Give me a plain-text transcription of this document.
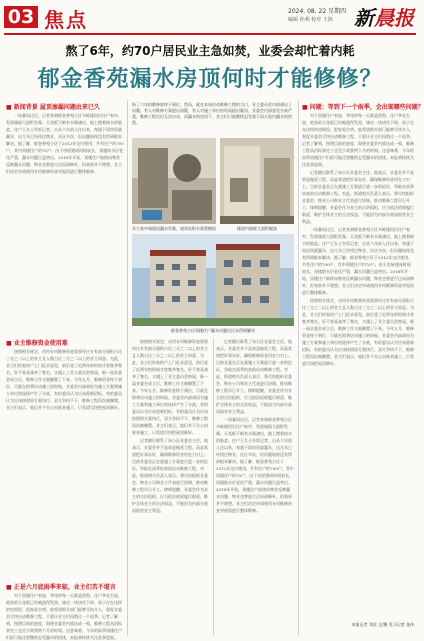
03 焦点	2024. 08. 22 星期四
编辑 孙利 校对 王海 新晨报
熬了6年，约70户居民业主急如焚，业委会却忙着内耗
郁金香苑漏水房顶何时才能修修？
盼了六年的维修款终于到位，然而，就在本该启动维修工程的当口，业主委员会内部却出了问题，有人对维修方案提出质疑，有人对施工单位的资质提出疑问，业委会内部意见分歧严重，维修工程迟迟无法启动，而漏水的房顶下，业主们只能继续忍受着下雨天屋内漏水的煎熬。
■ 新闻背景 屋顶渗漏问题由来已久

一场暴雨过后，记者来到郁金香苑小区多栋楼顶层住户家中，发现墙面大面积发霉，天花板不断有水珠渗出，地上摆着接水的脸盆。住户王女士告诉记者，自从六年前入住以来，每逢下雨房顶就漏水，这几年已经找过物业、社区多次，但问题始终没有得到根本解决。据了解，郁金香苑小区于2012年交付使用，共有住户约700户，其中顶楼住户约70户。由于房屋建成时间较长，顶楼防水层老化严重，漏水问题日益突出。2018年开始，顶楼住户陆续向物业反映漏水问题，物业也曾进行过局部修补，但效果并不理想。业主们决定申请使用专项维修资金对屋顶进行整体维修。

■ 业主维修资金使用难

按照相关规定，动用专项维修资金需要经过专有部分面积占比三分之二以上的业主且人数占比三分之二以上的业主同意。为此，业主们挨家挨户上门征求意见，前后花了近两年的时间才收集齐签名。好不容易凑齐了签名，又遇上了业主委员会换届，新一届业委会成立后，维修工作又被搁置了下来。今年五月，维修资金终于到位，可就在即将启动施工的时候，业委会内部却因为施工方案和施工单位的选择产生了分歧，有的委员认为应该重新招标，有的委员认为应该按照原方案执行，双方争执不下，维修工程再次被搁置。业主们表示，他们并不关心由谁来施工，只希望尽快把屋顶修好。

■ 正是六月底雨季来临，业主们苦不堪言

对于顶楼住户来说，等待的每一天都是煎熬。住户李先生说，他家的天花板已经被泡得发黑，墙皮一块块往下掉，孩子住在这样的房间里，很容易生病。他希望相关部门能够尽快介入，督促业委会尽快启动维修工程，不要让业主们再熬过一个雨季。记者了解到，按照目前的进度，即便业委会内部达成一致，维修工程从招标到完工也至少需要两个月的时间。这意味着，今年的雨季顶楼住户们很可能还要继续忍受漏水的困扰。本报将持续关注此事进展。

业主家中墙面因漏水发霉，墙角处积水需要擦拭	楼道内墙壁大面积脱落
郁金香苑小区顶楼住户漏水问题迟迟未得到解决

按照相关规定，动用专项维修资金需要经过专有部分面积占比三分之二以上的业主且人数占比三分之二以上的业主同意。为此，业主们挨家挨户上门征求意见，前后花了近两年的时间才收集齐签名。好不容易凑齐了签名，又遇上了业主委员会换届，新一届业委会成立后，维修工作又被搁置了下来。今年五月，维修资金终于到位，可就在即将启动施工的时候，业委会内部却因为施工方案和施工单位的选择产生了分歧，有的委员认为应该重新招标，有的委员认为应该按照原方案执行，双方争执不下，维修工程再次被搁置。业主们表示，他们并不关心由谁来施工，只希望尽快把屋顶修好。

记者随后联系了该小区业委会主任。他表示，业委会并不是故意拖延工程，而是希望把好事办好，确保维修资金用在刀刃上。目前业委会正在就施工方案进行进一步的论证，争取在雨季结束前启动维修工程。对此，街道相关负责人表示，将尽快组织业委会、物业公司和业主代表进行协调，推动维修工程早日开工。律师提醒，业委会作为业主的自治组织，应当依法依规履行职责，维护全体业主的合法权益，不能因为内部分歧而损害业主利益。

记者随后联系了该小区业委会主任。他表示，业委会并不是故意拖延工程，而是希望把好事办好，确保维修资金用在刀刃上。目前业委会正在就施工方案进行进一步的论证，争取在雨季结束前启动维修工程。对此，街道相关负责人表示，将尽快组织业委会、物业公司和业主代表进行协调，推动维修工程早日开工。律师提醒，业委会作为业主的自治组织，应当依法依规履行职责，维护全体业主的合法权益，不能因为内部分歧而损害业主利益。

一场暴雨过后，记者来到郁金香苑小区多栋楼顶层住户家中，发现墙面大面积发霉，天花板不断有水珠渗出，地上摆着接水的脸盆。住户王女士告诉记者，自从六年前入住以来，每逢下雨房顶就漏水，这几年已经找过物业、社区多次，但问题始终没有得到根本解决。据了解，郁金香苑小区于2012年交付使用，共有住户约700户，其中顶楼住户约70户。由于房屋建成时间较长，顶楼防水层老化严重，漏水问题日益突出。2018年开始，顶楼住户陆续向物业反映漏水问题，物业也曾进行过局部修补，但效果并不理想。业主们决定申请使用专项维修资金对屋顶进行整体维修。

■ 问题：等到下一个雨季，会出现哪些问题？

对于顶楼住户来说，等待的每一天都是煎熬。住户李先生说，他家的天花板已经被泡得发黑，墙皮一块块往下掉，孩子住在这样的房间里，很容易生病。他希望相关部门能够尽快介入，督促业委会尽快启动维修工程，不要让业主们再熬过一个雨季。记者了解到，按照目前的进度，即便业委会内部达成一致，维修工程从招标到完工也至少需要两个月的时间。这意味着，今年的雨季顶楼住户们很可能还要继续忍受漏水的困扰。本报将持续关注此事进展。

记者随后联系了该小区业委会主任。他表示，业委会并不是故意拖延工程，而是希望把好事办好，确保维修资金用在刀刃上。目前业委会正在就施工方案进行进一步的论证，争取在雨季结束前启动维修工程。对此，街道相关负责人表示，将尽快组织业委会、物业公司和业主代表进行协调，推动维修工程早日开工。律师提醒，业委会作为业主的自治组织，应当依法依规履行职责，维护全体业主的合法权益，不能因为内部分歧而损害业主利益。

一场暴雨过后，记者来到郁金香苑小区多栋楼顶层住户家中，发现墙面大面积发霉，天花板不断有水珠渗出，地上摆着接水的脸盆。住户王女士告诉记者，自从六年前入住以来，每逢下雨房顶就漏水，这几年已经找过物业、社区多次，但问题始终没有得到根本解决。据了解，郁金香苑小区于2012年交付使用，共有住户约700户，其中顶楼住户约70户。由于房屋建成时间较长，顶楼防水层老化严重，漏水问题日益突出。2018年开始，顶楼住户陆续向物业反映漏水问题，物业也曾进行过局部修补，但效果并不理想。业主们决定申请使用专项维修资金对屋顶进行整体维修。

按照相关规定，动用专项维修资金需要经过专有部分面积占比三分之二以上的业主且人数占比三分之二以上的业主同意。为此，业主们挨家挨户上门征求意见，前后花了近两年的时间才收集齐签名。好不容易凑齐了签名，又遇上了业主委员会换届，新一届业委会成立后，维修工作又被搁置了下来。今年五月，维修资金终于到位，可就在即将启动施工的时候，业委会内部却因为施工方案和施工单位的选择产生了分歧，有的委员认为应该重新招标，有的委员认为应该按照原方案执行，双方争执不下，维修工程再次被搁置。业主们表示，他们并不关心由谁来施工，只希望尽快把屋顶修好。

本报记者 刘佳 文/摄 见习记者 张伟
